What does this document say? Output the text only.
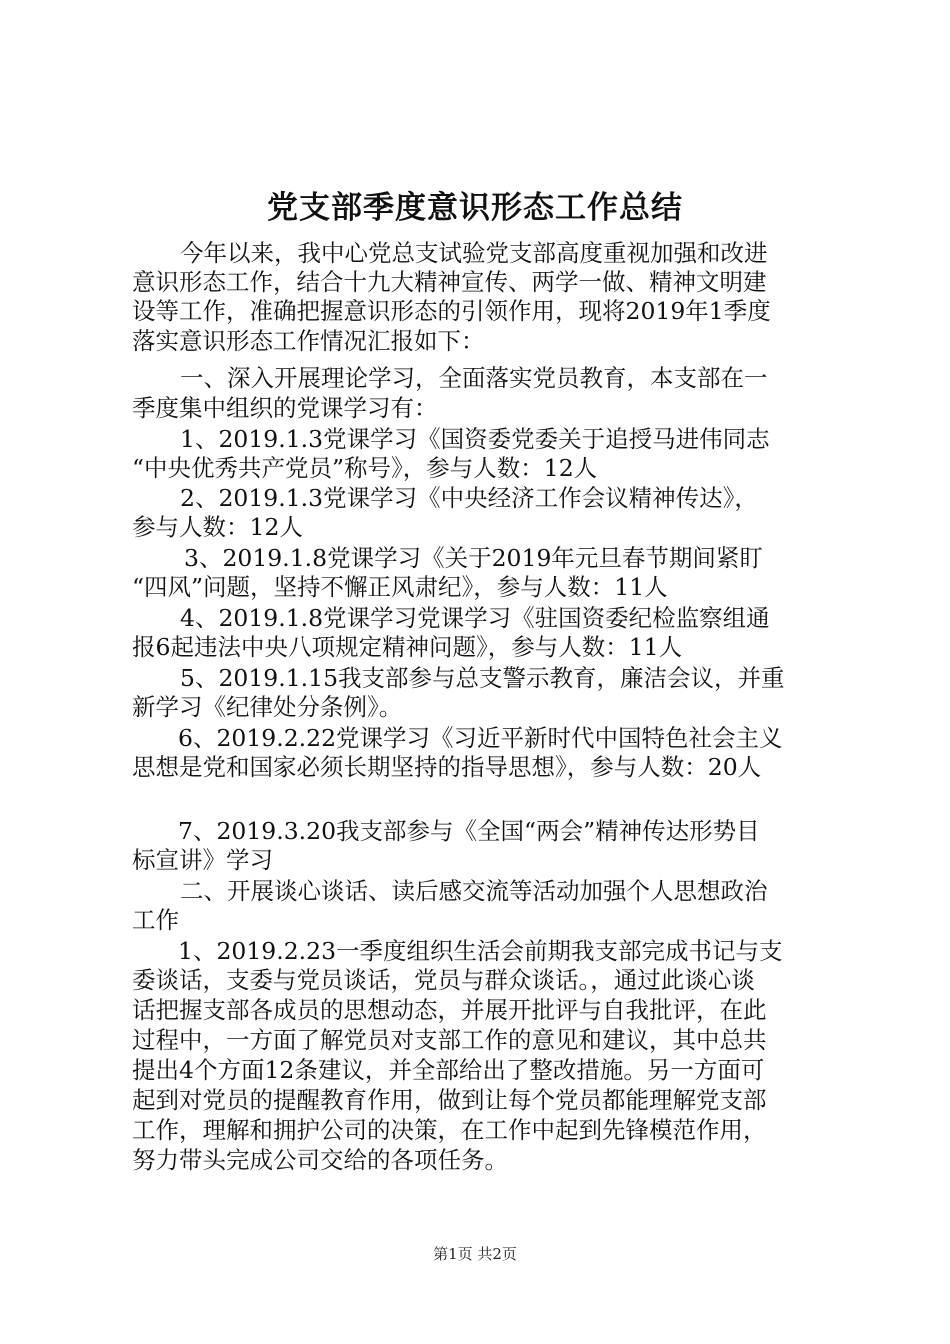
党支部季度意识形态工作总结

今年以来，我中心党总支试验党支部高度重视加强和改进

意识形态工作，结合十九大精神宣传、两学一做、精神文明建

设等工作，准确把握意识形态的引领作用，现将2019年1季度

落实意识形态工作情况汇报如下：

一、深入开展理论学习，全面落实党员教育，本支部在一

季度集中组织的党课学习有：

1、2019.1.3党课学习《国资委党委关于追授马进伟同志

“中央优秀共产党员”称号》，参与人数：12人

2、2019.1.3党课学习《中央经济工作会议精神传达》，

参与人数：12人

3、2019.1.8党课学习《关于2019年元旦春节期间紧盯

“四风”问题，坚持不懈正风肃纪》，参与人数：11人

4、2019.1.8党课学习党课学习《驻国资委纪检监察组通

报6起违法中央八项规定精神问题》，参与人数：11人

5、2019.1.15我支部参与总支警示教育，廉洁会议，并重

新学习《纪律处分条例》。

6、2019.2.22党课学习《习近平新时代中国特色社会主义

思想是党和国家必须长期坚持的指导思想》，参与人数：20人

7、2019.3.20我支部参与《全国“两会”精神传达形势目

标宣讲》学习

二、开展谈心谈话、读后感交流等活动加强个人思想政治

工作

1、2019.2.23一季度组织生活会前期我支部完成书记与支

委谈话，支委与党员谈话，党员与群众谈话。，通过此谈心谈

话把握支部各成员的思想动态，并展开批评与自我批评，在此

过程中，一方面了解党员对支部工作的意见和建议，其中总共

提出4个方面12条建议，并全部给出了整改措施。另一方面可

起到对党员的提醒教育作用，做到让每个党员都能理解党支部

工作，理解和拥护公司的决策，在工作中起到先锋模范作用，

努力带头完成公司交给的各项任务。

第1页 共2页
